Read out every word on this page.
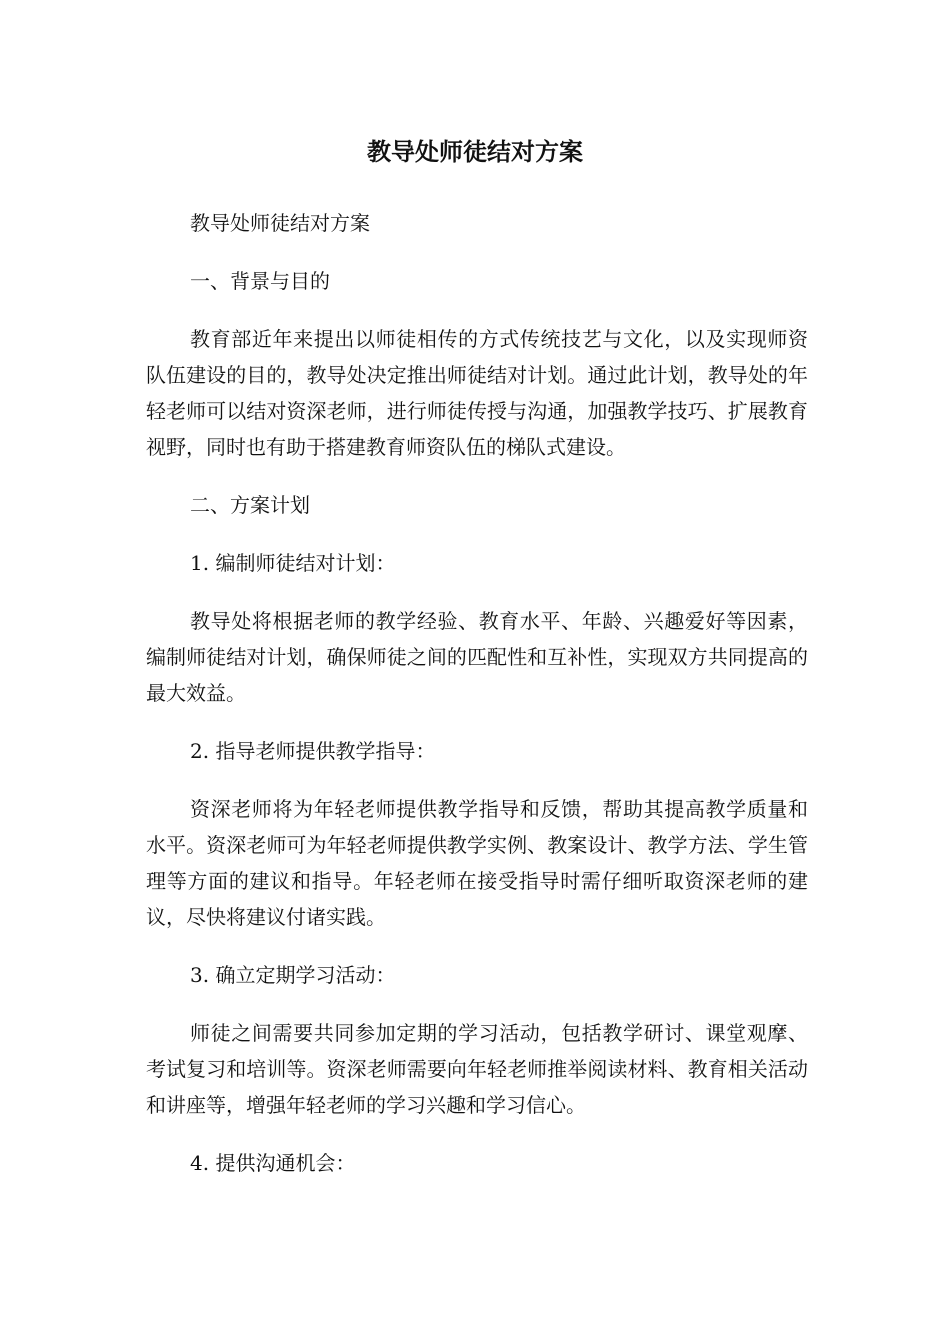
教导处师徒结对方案

教导处师徒结对方案

一、背景与目的

教育部近年来提出以师徒相传的方式传统技艺与文化，以及实现师资队伍建设的目的，教导处决定推出师徒结对计划。通过此计划，教导处的年轻老师可以结对资深老师，进行师徒传授与沟通，加强教学技巧、扩展教育视野，同时也有助于搭建教育师资队伍的梯队式建设。

二、方案计划

1. 编制师徒结对计划：

教导处将根据老师的教学经验、教育水平、年龄、兴趣爱好等因素，编制师徒结对计划，确保师徒之间的匹配性和互补性，实现双方共同提高的最大效益。

2. 指导老师提供教学指导：

资深老师将为年轻老师提供教学指导和反馈，帮助其提高教学质量和水平。资深老师可为年轻老师提供教学实例、教案设计、教学方法、学生管理等方面的建议和指导。年轻老师在接受指导时需仔细听取资深老师的建议，尽快将建议付诸实践。

3. 确立定期学习活动：

师徒之间需要共同参加定期的学习活动，包括教学研讨、课堂观摩、考试复习和培训等。资深老师需要向年轻老师推举阅读材料、教育相关活动和讲座等，增强年轻老师的学习兴趣和学习信心。

4. 提供沟通机会：
